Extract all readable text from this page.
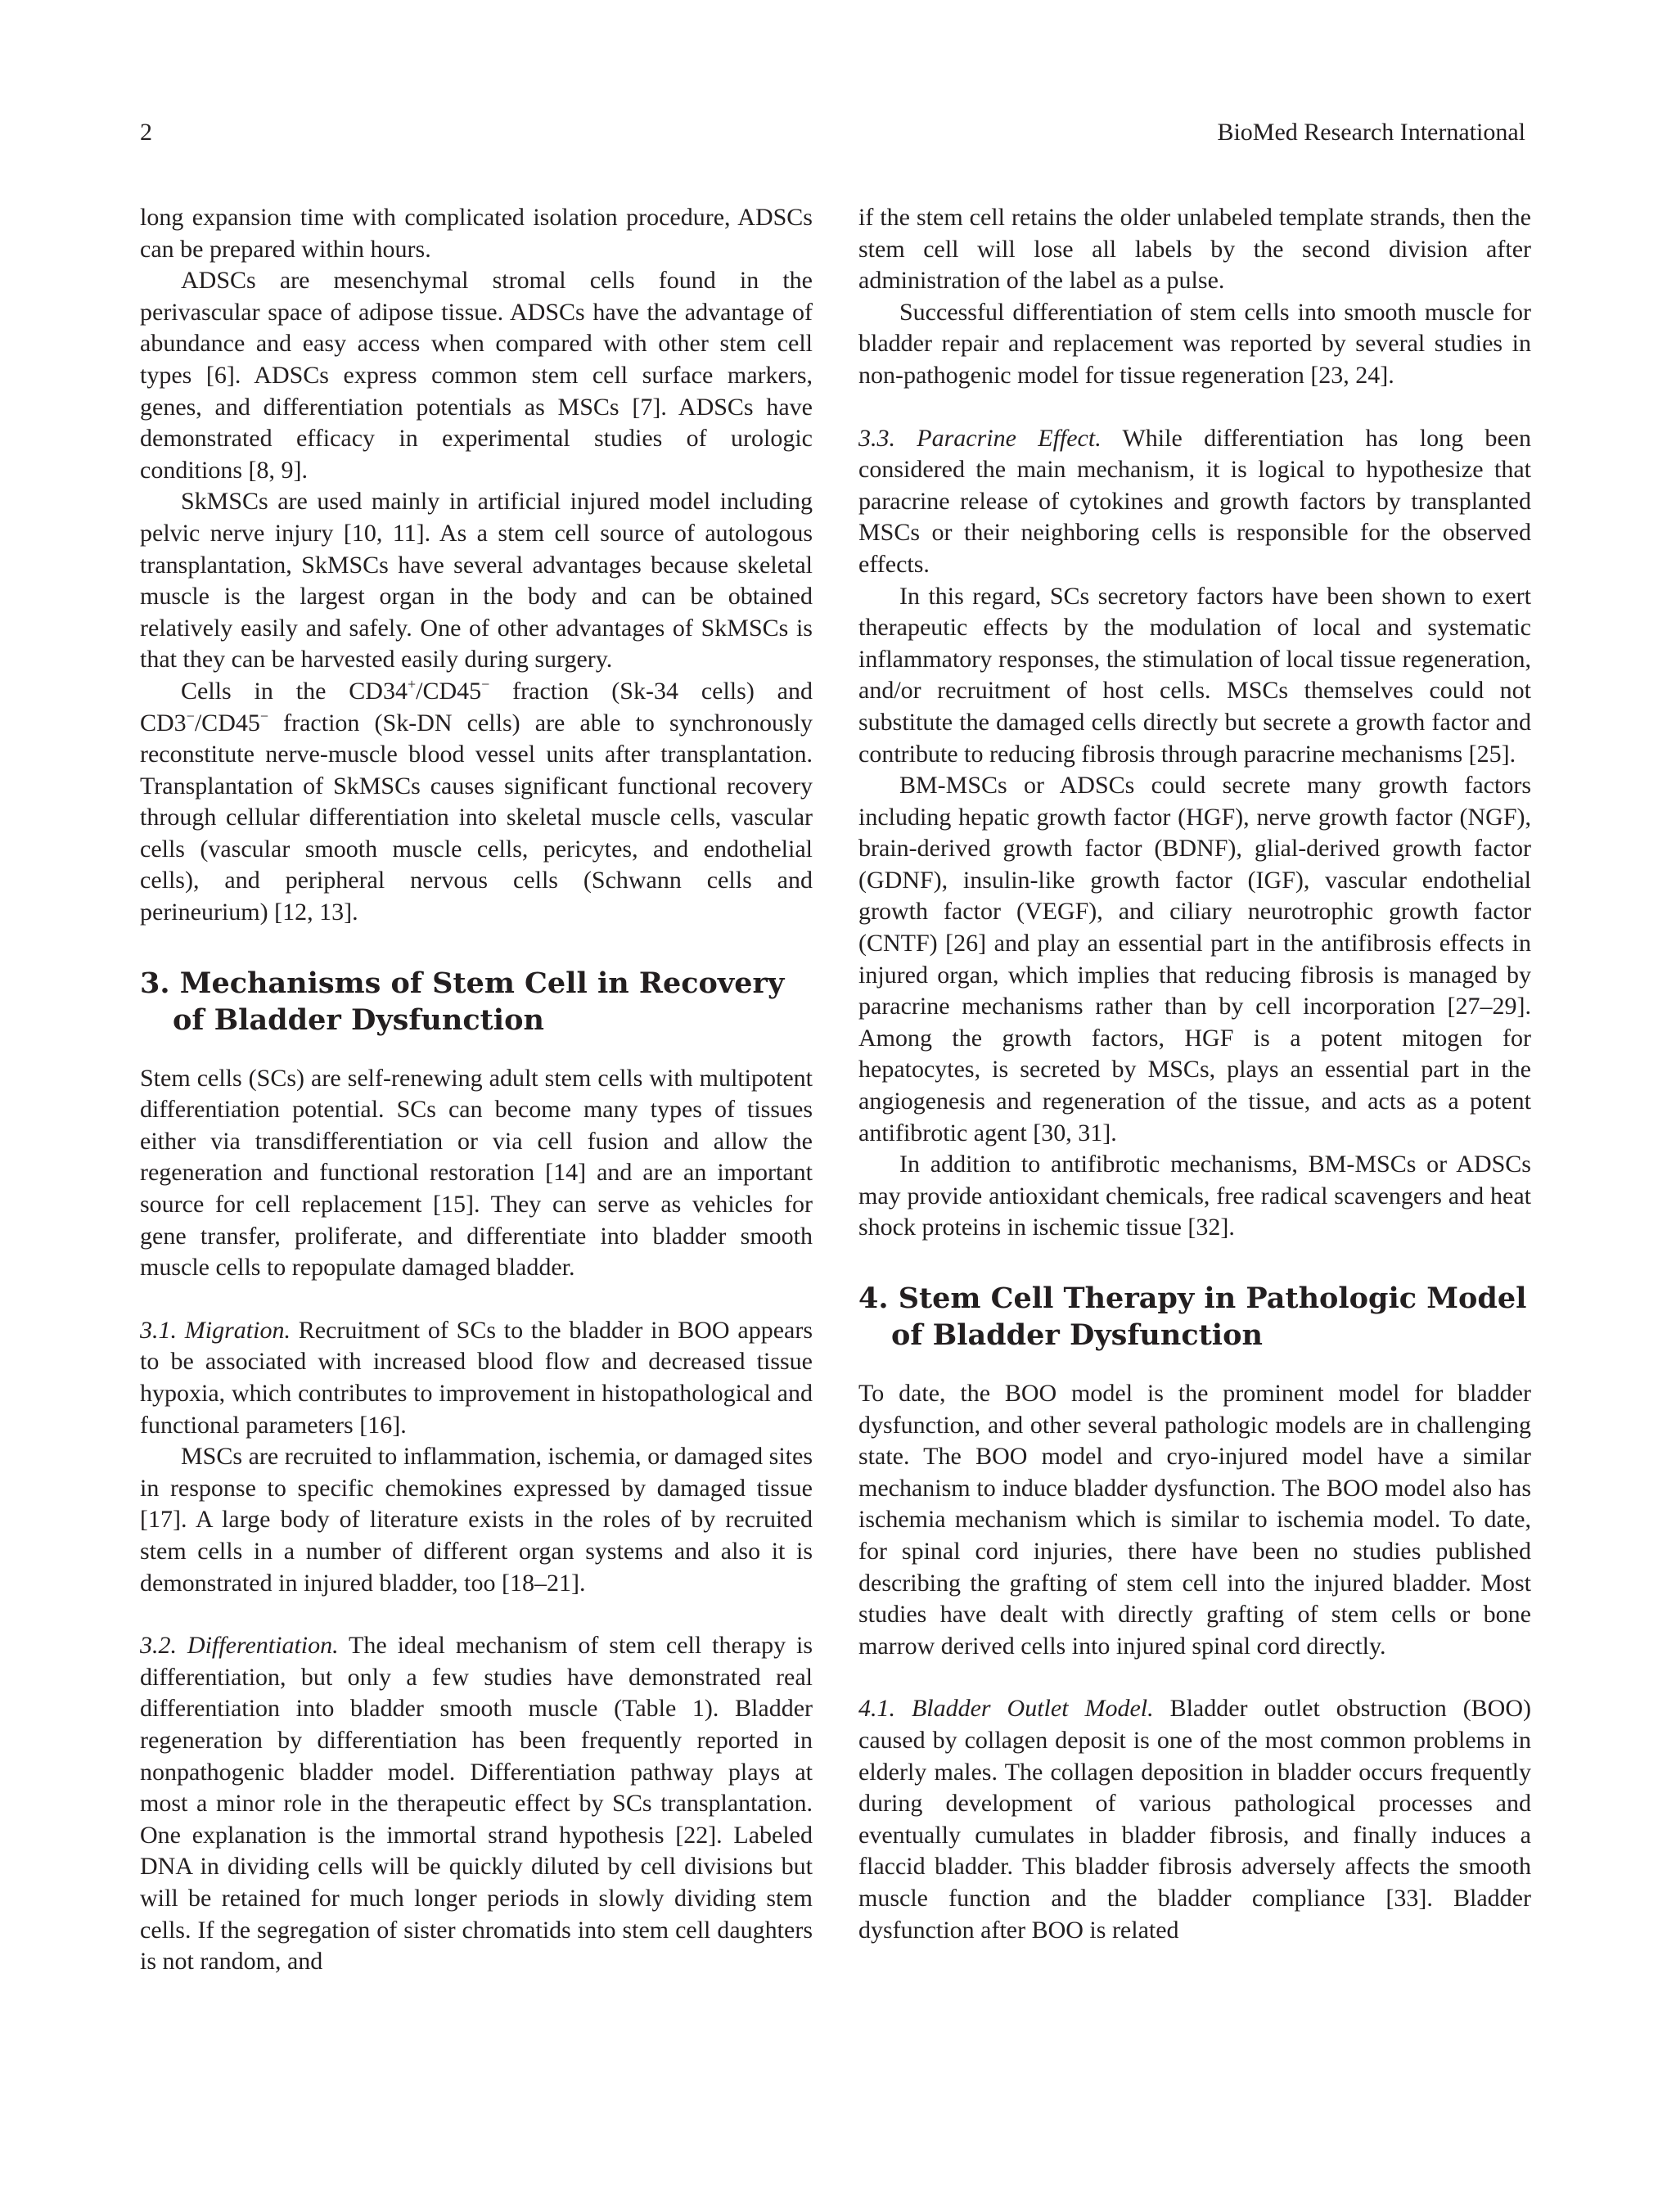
2	BioMed Research International

long expansion time with complicated isolation procedure, ADSCs can be prepared within hours.

ADSCs are mesenchymal stromal cells found in the perivascular space of adipose tissue. ADSCs have the advantage of abundance and easy access when compared with other stem cell types [6]. ADSCs express common stem cell surface markers, genes, and differentiation potentials as MSCs [7]. ADSCs have demonstrated efficacy in experimental studies of urologic conditions [8, 9].

SkMSCs are used mainly in artificial injured model including pelvic nerve injury [10, 11]. As a stem cell source of autologous transplantation, SkMSCs have several advantages because skeletal muscle is the largest organ in the body and can be obtained relatively easily and safely. One of other advantages of SkMSCs is that they can be harvested easily during surgery.

Cells in the CD34+/CD45− fraction (Sk-34 cells) and CD3−/CD45− fraction (Sk-DN cells) are able to synchronously reconstitute nerve-muscle blood vessel units after transplantation. Transplantation of SkMSCs causes significant functional recovery through cellular differentiation into skeletal muscle cells, vascular cells (vascular smooth muscle cells, pericytes, and endothelial cells), and peripheral nervous cells (Schwann cells and perineurium) [12, 13].

3. Mechanisms of Stem Cell in Recovery of Bladder Dysfunction

Stem cells (SCs) are self-renewing adult stem cells with multipotent differentiation potential. SCs can become many types of tissues either via transdifferentiation or via cell fusion and allow the regeneration and functional restoration [14] and are an important source for cell replacement [15]. They can serve as vehicles for gene transfer, proliferate, and differentiate into bladder smooth muscle cells to repopulate damaged bladder.

3.1. Migration. Recruitment of SCs to the bladder in BOO appears to be associated with increased blood flow and decreased tissue hypoxia, which contributes to improvement in histopathological and functional parameters [16].

MSCs are recruited to inflammation, ischemia, or damaged sites in response to specific chemokines expressed by damaged tissue [17]. A large body of literature exists in the roles of by recruited stem cells in a number of different organ systems and also it is demonstrated in injured bladder, too [18–21].

3.2. Differentiation. The ideal mechanism of stem cell therapy is differentiation, but only a few studies have demonstrated real differentiation into bladder smooth muscle (Table 1). Bladder regeneration by differentiation has been frequently reported in nonpathogenic bladder model. Differentiation pathway plays at most a minor role in the therapeutic effect by SCs transplantation. One explanation is the immortal strand hypothesis [22]. Labeled DNA in dividing cells will be quickly diluted by cell divisions but will be retained for much longer periods in slowly dividing stem cells. If the segregation of sister chromatids into stem cell daughters is not random, and

if the stem cell retains the older unlabeled template strands, then the stem cell will lose all labels by the second division after administration of the label as a pulse.

Successful differentiation of stem cells into smooth muscle for bladder repair and replacement was reported by several studies in non-pathogenic model for tissue regeneration [23, 24].

3.3. Paracrine Effect. While differentiation has long been considered the main mechanism, it is logical to hypothesize that paracrine release of cytokines and growth factors by transplanted MSCs or their neighboring cells is responsible for the observed effects.

In this regard, SCs secretory factors have been shown to exert therapeutic effects by the modulation of local and systematic inflammatory responses, the stimulation of local tissue regeneration, and/or recruitment of host cells. MSCs themselves could not substitute the damaged cells directly but secrete a growth factor and contribute to reducing fibrosis through paracrine mechanisms [25].

BM-MSCs or ADSCs could secrete many growth factors including hepatic growth factor (HGF), nerve growth factor (NGF), brain-derived growth factor (BDNF), glial-derived growth factor (GDNF), insulin-like growth factor (IGF), vascular endothelial growth factor (VEGF), and ciliary neurotrophic growth factor (CNTF) [26] and play an essential part in the antifibrosis effects in injured organ, which implies that reducing fibrosis is managed by paracrine mechanisms rather than by cell incorporation [27–29]. Among the growth factors, HGF is a potent mitogen for hepatocytes, is secreted by MSCs, plays an essential part in the angiogenesis and regeneration of the tissue, and acts as a potent antifibrotic agent [30, 31].

In addition to antifibrotic mechanisms, BM-MSCs or ADSCs may provide antioxidant chemicals, free radical scavengers and heat shock proteins in ischemic tissue [32].

4. Stem Cell Therapy in Pathologic Model of Bladder Dysfunction

To date, the BOO model is the prominent model for bladder dysfunction, and other several pathologic models are in challenging state. The BOO model and cryo-injured model have a similar mechanism to induce bladder dysfunction. The BOO model also has ischemia mechanism which is similar to ischemia model. To date, for spinal cord injuries, there have been no studies published describing the grafting of stem cell into the injured bladder. Most studies have dealt with directly grafting of stem cells or bone marrow derived cells into injured spinal cord directly.

4.1. Bladder Outlet Model. Bladder outlet obstruction (BOO) caused by collagen deposit is one of the most common problems in elderly males. The collagen deposition in bladder occurs frequently during development of various pathological processes and eventually cumulates in bladder fibrosis, and finally induces a flaccid bladder. This bladder fibrosis adversely affects the smooth muscle function and the bladder compliance [33]. Bladder dysfunction after BOO is related
